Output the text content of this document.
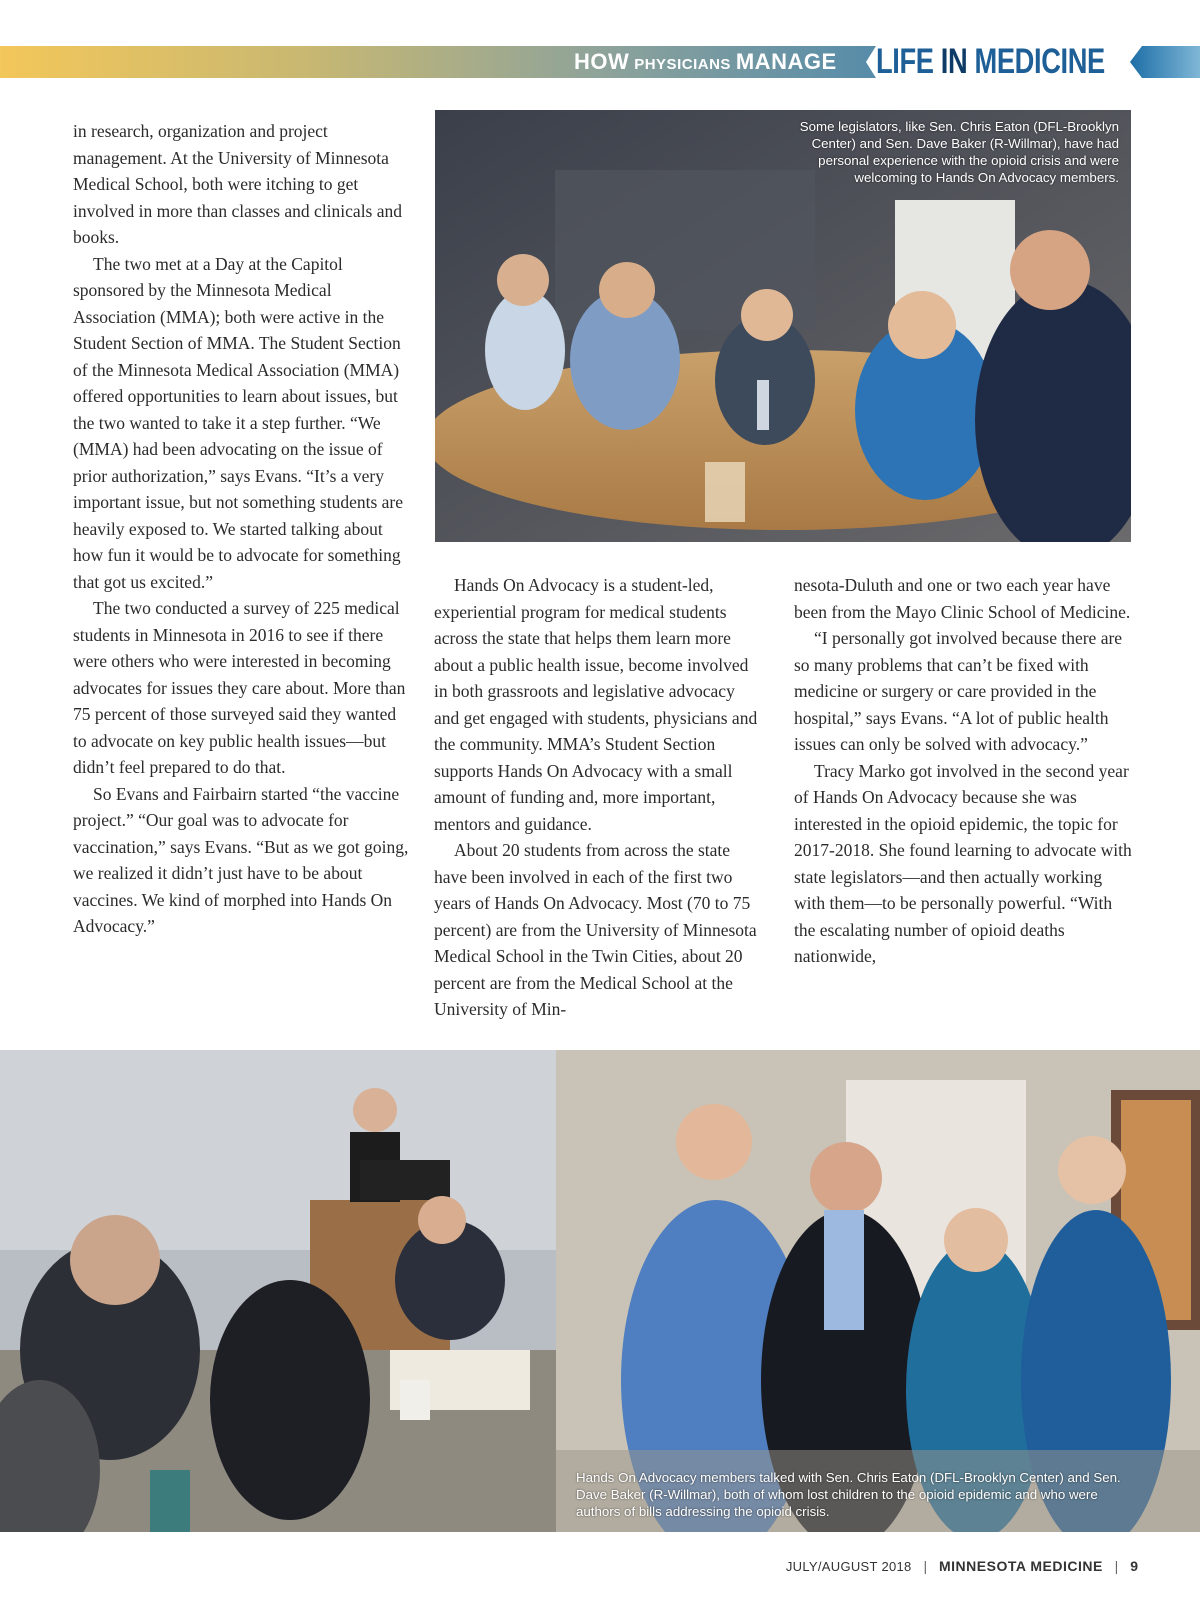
HOW PHYSICIANS MANAGE LIFE IN MEDICINE

in research, organization and project management. At the University of Minnesota Medical School, both were itching to get involved in more than classes and clinicals and books.

The two met at a Day at the Capitol sponsored by the Minnesota Medical Association (MMA); both were active in the Student Section of MMA. The Student Section of the Minnesota Medical Association (MMA) offered opportunities to learn about issues, but the two wanted to take it a step further. “We (MMA) had been advocating on the issue of prior authorization,” says Evans. “It’s a very important issue, but not something students are heavily exposed to. We started talking about how fun it would be to advocate for something that got us excited.”

The two conducted a survey of 225 medical students in Minnesota in 2016 to see if there were others who were interested in becoming advocates for issues they care about. More than 75 percent of those surveyed said they wanted to advocate on key public health issues—but didn’t feel prepared to do that.

So Evans and Fairbairn started “the vaccine project.” “Our goal was to advocate for vaccination,” says Evans. “But as we got going, we realized it didn’t just have to be about vaccines. We kind of morphed into Hands On Advocacy.”

Some legislators, like Sen. Chris Eaton (DFL-Brooklyn Center) and Sen. Dave Baker (R-Willmar), have had personal experience with the opioid crisis and were welcoming to Hands On Advocacy members.

Hands On Advocacy is a student-led, experiential program for medical students across the state that helps them learn more about a public health issue, become involved in both grassroots and legislative advocacy and get engaged with students, physicians and the community. MMA’s Student Section supports Hands On Advocacy with a small amount of funding and, more important, mentors and guidance.

About 20 students from across the state have been involved in each of the first two years of Hands On Advocacy. Most (70 to 75 percent) are from the University of Minnesota Medical School in the Twin Cities, about 20 percent are from the Medical School at the University of Min-

nesota-Duluth and one or two each year have been from the Mayo Clinic School of Medicine.

“I personally got involved because there are so many problems that can’t be fixed with medicine or surgery or care provided in the hospital,” says Evans. “A lot of public health issues can only be solved with advocacy.”

Tracy Marko got involved in the second year of Hands On Advocacy because she was interested in the opioid epidemic, the topic for 2017-2018. She found learning to advocate with state legislators—and then actually working with them—to be personally powerful. “With the escalating number of opioid deaths nationwide,

Hands On Advocacy members talked with Sen. Chris Eaton (DFL-Brooklyn Center) and Sen. Dave Baker (R-Willmar), both of whom lost children to the opioid epidemic and who were authors of bills addressing the opioid crisis.
JULY/AUGUST 2018 | MINNESOTA MEDICINE | 9
